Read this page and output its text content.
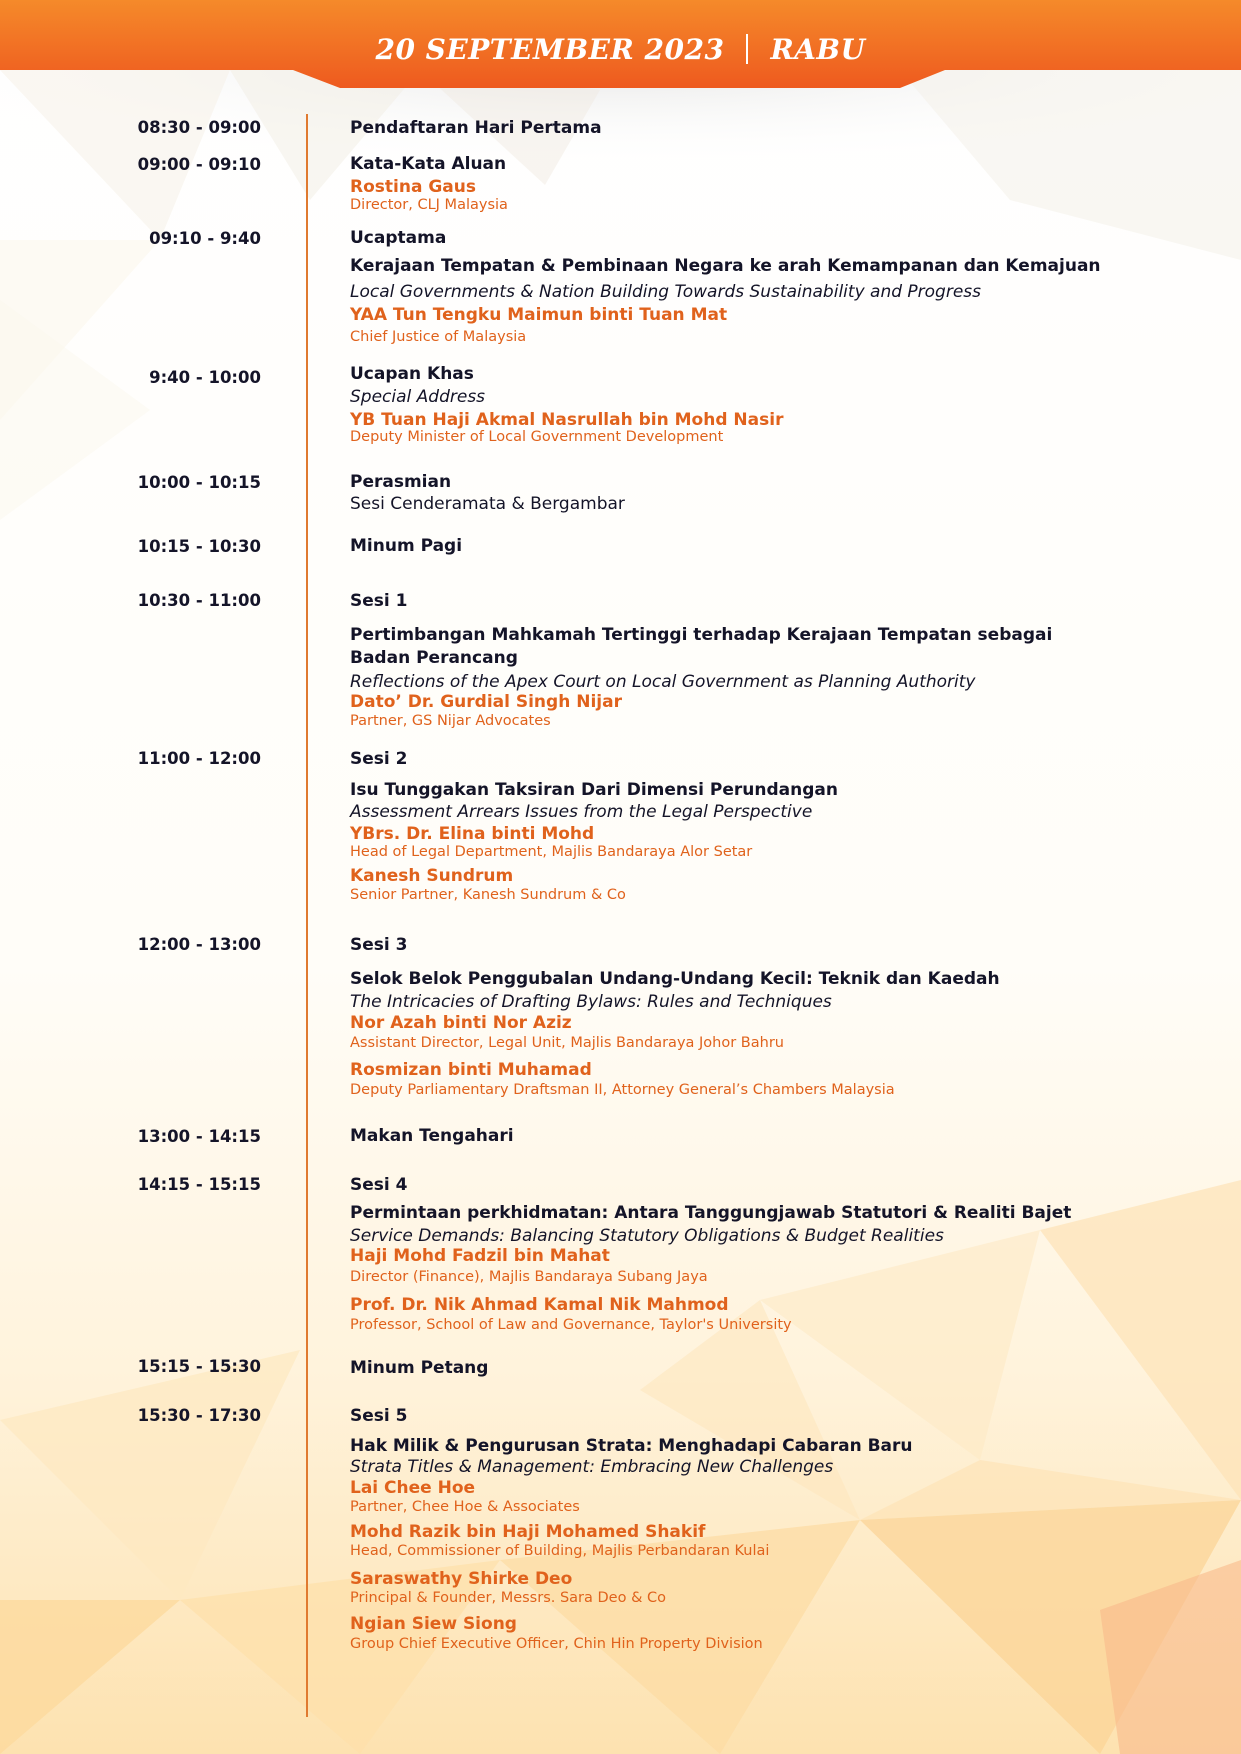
20 SEPTEMBER 2023 RABU
08:30 - 09:00	Pendaftaran Hari Pertama
09:00 - 09:10	Kata-Kata Aluan
Rostina Gaus
Director, CLJ Malaysia
09:10 - 9:40	Ucaptama
Kerajaan Tempatan & Pembinaan Negara ke arah Kemampanan dan Kemajuan
Local Governments & Nation Building Towards Sustainability and Progress
YAA Tun Tengku Maimun binti Tuan Mat
Chief Justice of Malaysia
9:40 - 10:00	Ucapan Khas
Special Address
YB Tuan Haji Akmal Nasrullah bin Mohd Nasir
Deputy Minister of Local Government Development
10:00 - 10:15	Perasmian
Sesi Cenderamata & Bergambar
10:15 - 10:30	Minum Pagi
10:30 - 11:00	Sesi 1
Pertimbangan Mahkamah Tertinggi terhadap Kerajaan Tempatan sebagai
Badan Perancang
Reflections of the Apex Court on Local Government as Planning Authority
Dato’ Dr. Gurdial Singh Nijar
Partner, GS Nijar Advocates
11:00 - 12:00	Sesi 2
Isu Tunggakan Taksiran Dari Dimensi Perundangan
Assessment Arrears Issues from the Legal Perspective
YBrs. Dr. Elina binti Mohd
Head of Legal Department, Majlis Bandaraya Alor Setar
Kanesh Sundrum
Senior Partner, Kanesh Sundrum & Co
12:00 - 13:00	Sesi 3
Selok Belok Penggubalan Undang-Undang Kecil: Teknik dan Kaedah
The Intricacies of Drafting Bylaws: Rules and Techniques
Nor Azah binti Nor Aziz
Assistant Director, Legal Unit, Majlis Bandaraya Johor Bahru
Rosmizan binti Muhamad
Deputy Parliamentary Draftsman II, Attorney General’s Chambers Malaysia
13:00 - 14:15	Makan Tengahari
14:15 - 15:15	Sesi 4
Permintaan perkhidmatan: Antara Tanggungjawab Statutori & Realiti Bajet
Service Demands: Balancing Statutory Obligations & Budget Realities
Haji Mohd Fadzil bin Mahat
Director (Finance), Majlis Bandaraya Subang Jaya
Prof. Dr. Nik Ahmad Kamal Nik Mahmod
Professor, School of Law and Governance, Taylor's University
15:15 - 15:30	Minum Petang
15:30 - 17:30	Sesi 5
Hak Milik & Pengurusan Strata: Menghadapi Cabaran Baru
Strata Titles & Management: Embracing New Challenges
Lai Chee Hoe
Partner, Chee Hoe & Associates
Mohd Razik bin Haji Mohamed Shakif
Head, Commissioner of Building, Majlis Perbandaran Kulai
Saraswathy Shirke Deo
Principal & Founder, Messrs. Sara Deo & Co
Ngian Siew Siong
Group Chief Executive Officer, Chin Hin Property Division
